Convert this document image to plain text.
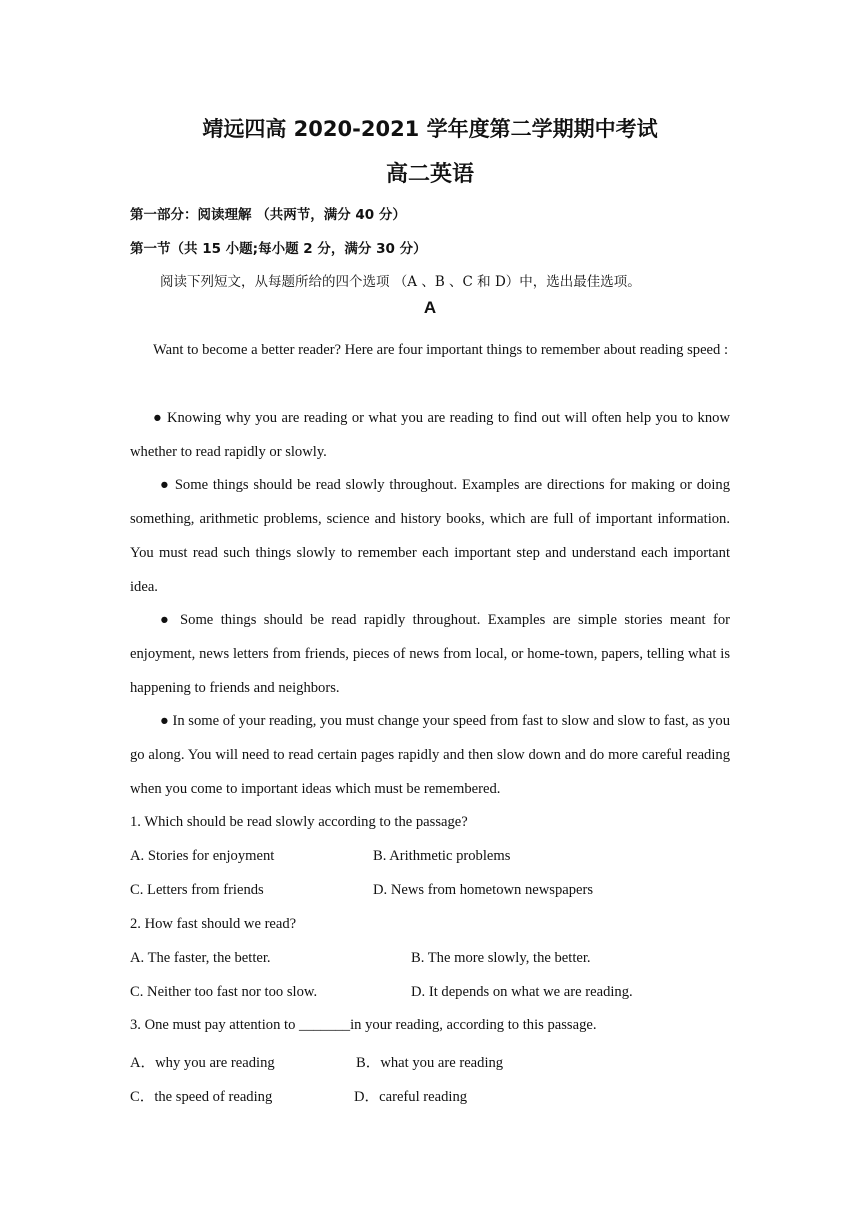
靖远四高 2020-2021 学年度第二学期期中考试
高二英语
第一部分：阅读理解 （共两节，满分 40 分）
第一节（共 15 小题;每小题 2 分，满分 30 分）
阅读下列短文，从每题所给的四个选项 （A 、B 、C 和 D）中，选出最佳选项。
A

Want to become a better reader? Here are four important things to remember about reading speed :

● Knowing why you are reading or what you are reading to find out will often help you to know whether to read rapidly or slowly.

● Some things should be read slowly throughout. Examples are directions for making or doing something, arithmetic problems, science and history books, which are full of important information. You must read such things slowly to remember each important step and understand each important idea.

● Some things should be read rapidly throughout. Examples are simple stories meant for enjoyment, news letters from friends, pieces of news from local, or home-town, papers, telling what is happening to friends and neighbors.

● In some of your reading, you must change your speed from fast to slow and slow to fast, as you go along. You will need to read certain pages rapidly and then slow down and do more careful reading when you come to important ideas which must be remembered.

1. Which should be read slowly according to the passage?
A. Stories for enjoyment	B. Arithmetic problems
C. Letters from friends	D. News from hometown newspapers
2. How fast should we read?
A. The faster, the better.	B. The more slowly, the better.
C. Neither too fast nor too slow.	D. It depends on what we are reading.
3. One must pay attention to _______in your reading, according to this passage.
A．why you are reading	B．what you are reading
C．the speed of reading	D．careful reading
